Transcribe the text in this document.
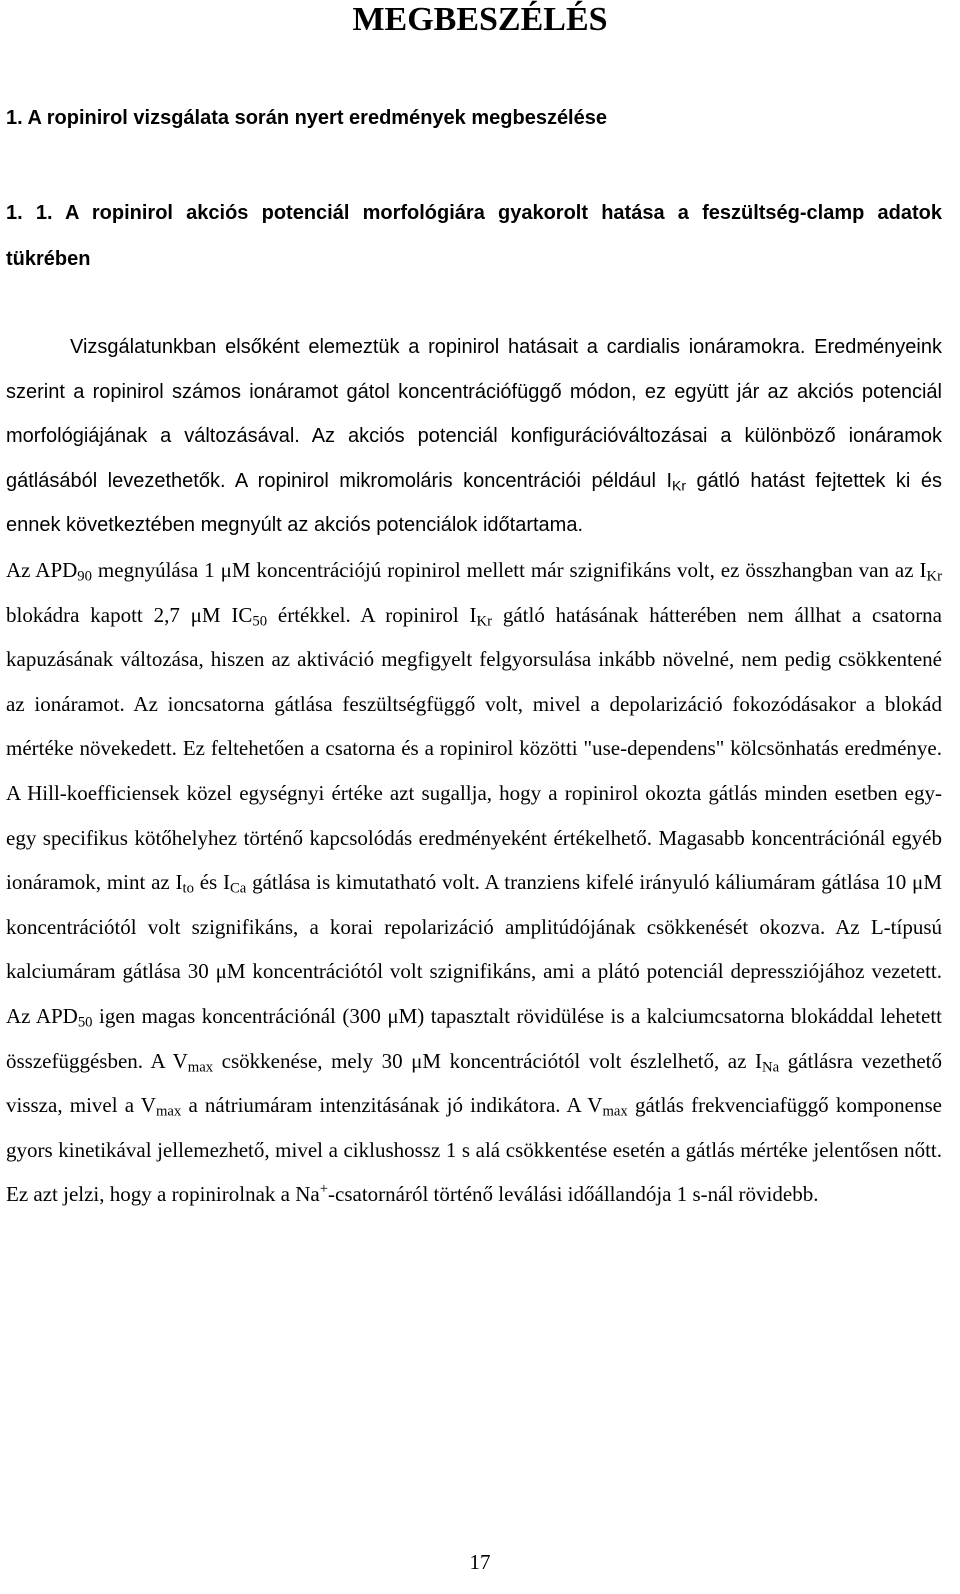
MEGBESZÉLÉS
1. A ropinirol vizsgálata során nyert eredmények megbeszélése
1. 1. A ropinirol akciós potenciál morfológiára gyakorolt hatása a feszültség-clamp adatok tükrében
Vizsgálatunkban elsőként elemeztük a ropinirol hatásait a cardialis ionáramokra. Eredményeink szerint a ropinirol számos ionáramot gátol koncentrációfüggő módon, ez együtt jár az akciós potenciál morfológiájának a változásával. Az akciós potenciál konfigurációváltozásai a különböző ionáramok gátlásából levezethetők. A ropinirol mikromoláris koncentrációi például $I_{Kr}$ gátló hatást fejtettek ki és ennek következtében megnyúlt az akciós potenciálok időtartama.
Az $APD_{90}$ megnyúlása 1 μM koncentrációjú ropinirol mellett már szignifikáns volt, ez összhangban van az $I_{Kr}$ blokádra kapott 2,7 μM $IC_{50}$ értékkel. A ropinirol $I_{Kr}$ gátló hatásának hátterében nem állhat a csatorna kapuzásának változása, hiszen az aktiváció megfigyelt felgyorsulása inkább növelné, nem pedig csökkentené az ionáramot. Az ioncsatorna gátlása feszültségfüggő volt, mivel a depolarizáció fokozódásakor a blokád mértéke növekedett. Ez feltehetően a csatorna és a ropinirol közötti "use-dependens" kölcsönhatás eredménye. A Hill-koefficiensek közel egységnyi értéke azt sugallja, hogy a ropinirol okozta gátlás minden esetben egy-egy specifikus kötőhelyhez történő kapcsolódás eredményeként értékelhető. Magasabb koncentrációnál egyéb ionáramok, mint az $I_{to}$ és $I_{Ca}$ gátlása is kimutatható volt. A tranziens kifelé irányuló káliumáram gátlása 10 μM koncentrációtól volt szignifikáns, a korai repolarizáció amplitúdójának csökkenését okozva. Az L-típusú kalciumáram gátlása 30 μM koncentrációtól volt szignifikáns, ami a plátó potenciál depressziójához vezetett. Az $APD_{50}$ igen magas koncentrációnál (300 μM) tapasztalt rövidülése is a kalciumcsatorna blokáddal lehetett összefüggésben. A $V_{max}$ csökkenése, mely 30 μM koncentrációtól volt észlelhető, az $I_{Na}$ gátlásra vezethető vissza, mivel a $V_{max}$ a nátriumáram intenzitásának jó indikátora. A $V_{max}$ gátlás frekvenciafüggő komponense gyors kinetikával jellemezhető, mivel a ciklushossz 1 s alá csökkentése esetén a gátlás mértéke jelentősen nőtt. Ez azt jelzi, hogy a ropinirolnak a Na+-csatornáról történő leválási időállandója 1 s-nál rövidebb.
17
